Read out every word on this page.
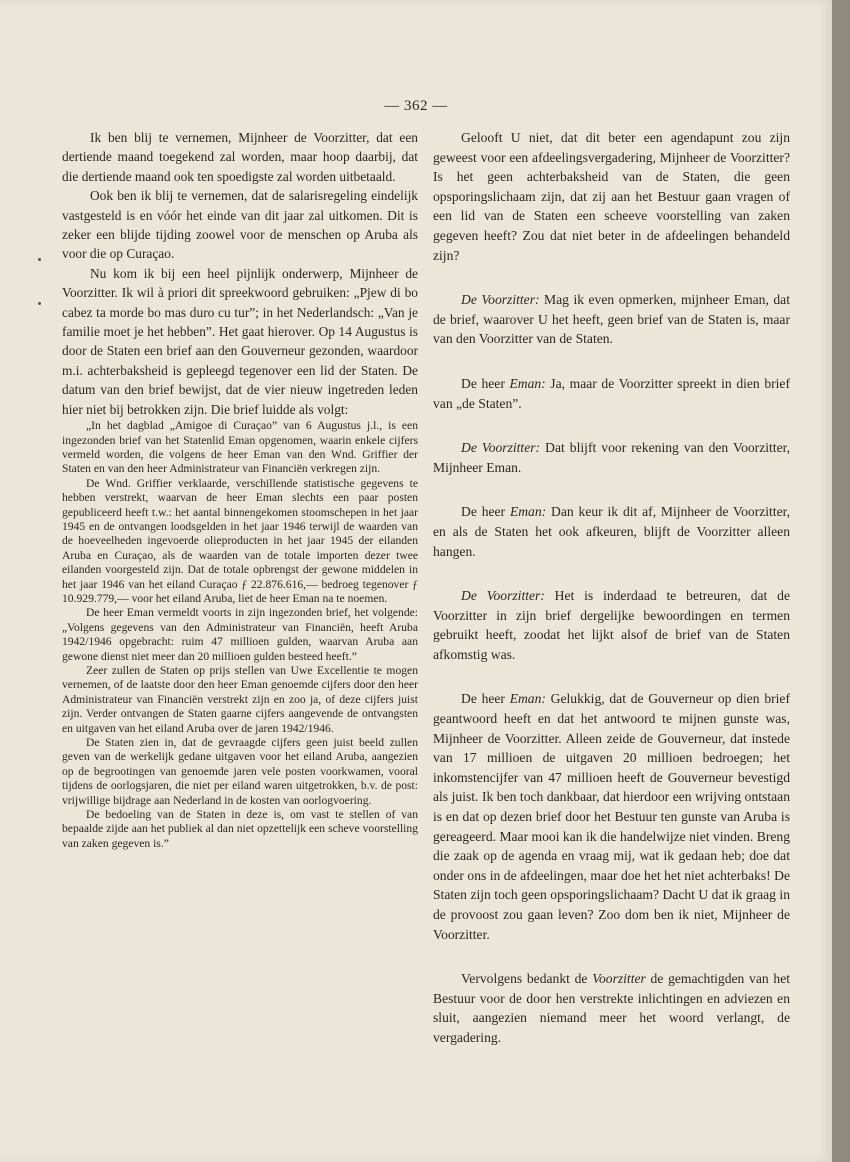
— 362 —

Ik ben blij te vernemen, Mijnheer de Voorzitter, dat een dertiende maand toegekend zal worden, maar hoop daarbij, dat die dertiende maand ook ten spoedigste zal worden uitbetaald.

Ook ben ik blij te vernemen, dat de salarisregeling eindelijk vastgesteld is en vóór het einde van dit jaar zal uitkomen. Dit is zeker een blijde tijding zoowel voor de menschen op Aruba als voor die op Curaçao.

Nu kom ik bij een heel pijnlijk onderwerp, Mijnheer de Voorzitter. Ik wil à priori dit spreekwoord gebruiken: „Pjew di bo cabez ta morde bo mas duro cu tur”; in het Nederlandsch: „Van je familie moet je het hebben”. Het gaat hierover. Op 14 Augustus is door de Staten een brief aan den Gouverneur gezonden, waardoor m.i. achterbaksheid is gepleegd tegenover een lid der Staten. De datum van den brief bewijst, dat de vier nieuw ingetreden leden hier niet bij betrokken zijn. Die brief luidde als volgt:

„In het dagblad „Amigoe di Curaçao” van 6 Augustus j.l., is een ingezonden brief van het Statenlid Eman opgenomen, waarin enkele cijfers vermeld worden, die volgens de heer Eman van den Wnd. Griffier der Staten en van den heer Administrateur van Financiën verkregen zijn.

De Wnd. Griffier verklaarde, verschillende statistische gegevens te hebben verstrekt, waarvan de heer Eman slechts een paar posten gepubliceerd heeft t.w.: het aantal binnengekomen stoomschepen in het jaar 1945 en de ontvangen loodsgelden in het jaar 1946 terwijl de waarden van de hoeveelheden ingevoerde olieproducten in het jaar 1945 der eilanden Aruba en Curaçao, als de waarden van de totale importen dezer twee eilanden voorgesteld zijn. Dat de totale opbrengst der gewone middelen in het jaar 1946 van het eiland Curaçao ƒ 22.876.616,— bedroeg tegenover ƒ 10.929.779,— voor het eiland Aruba, liet de heer Eman na te noemen.

De heer Eman vermeldt voorts in zijn ingezonden brief, het volgende: „Volgens gegevens van den Administrateur van Financiën, heeft Aruba 1942/1946 opgebracht: ruim 47 millioen gulden, waarvan Aruba aan gewone dienst niet meer dan 20 millioen gulden besteed heeft.”

Zeer zullen de Staten op prijs stellen van Uwe Excellentie te mogen vernemen, of de laatste door den heer Eman genoemde cijfers door den heer Administrateur van Financiën verstrekt zijn en zoo ja, of deze cijfers juist zijn. Verder ontvangen de Staten gaarne cijfers aangevende de ontvangsten en uitgaven van het eiland Aruba over de jaren 1942/1946.

De Staten zien in, dat de gevraagde cijfers geen juist beeld zullen geven van de werkelijk gedane uitgaven voor het eiland Aruba, aangezien op de begrootingen van genoemde jaren vele posten voorkwamen, vooral tijdens de oorlogsjaren, die niet per eiland waren uitgetrokken, b.v. de post: vrijwillige bijdrage aan Nederland in de kosten van oorlogvoering.

De bedoeling van de Staten in deze is, om vast te stellen of van bepaalde zijde aan het publiek al dan niet opzettelijk een scheve voorstelling van zaken gegeven is.”

Gelooft U niet, dat dit beter een agendapunt zou zijn geweest voor een afdeelingsvergadering, Mijnheer de Voorzitter? Is het geen achterbaksheid van de Staten, die geen opsporingslichaam zijn, dat zij aan het Bestuur gaan vragen of een lid van de Staten een scheeve voorstelling van zaken gegeven heeft? Zou dat niet beter in de afdeelingen behandeld zijn?

De Voorzitter: Mag ik even opmerken, mijnheer Eman, dat de brief, waarover U het heeft, geen brief van de Staten is, maar van den Voorzitter van de Staten.

De heer Eman: Ja, maar de Voorzitter spreekt in dien brief van „de Staten”.

De Voorzitter: Dat blijft voor rekening van den Voorzitter, Mijnheer Eman.

De heer Eman: Dan keur ik dit af, Mijnheer de Voorzitter, en als de Staten het ook afkeuren, blijft de Voorzitter alleen hangen.

De Voorzitter: Het is inderdaad te betreuren, dat de Voorzitter in zijn brief dergelijke bewoordingen en termen gebruikt heeft, zoodat het lijkt alsof de brief van de Staten afkomstig was.

De heer Eman: Gelukkig, dat de Gouverneur op dien brief geantwoord heeft en dat het antwoord te mijnen gunste was, Mijnheer de Voorzitter. Alleen zeide de Gouverneur, dat instede van 17 millioen de uitgaven 20 millioen bedroegen; het inkomstencijfer van 47 millioen heeft de Gouverneur bevestigd als juist. Ik ben toch dankbaar, dat hierdoor een wrijving ontstaan is en dat op dezen brief door het Bestuur ten gunste van Aruba is gereageerd. Maar mooi kan ik die handelwijze niet vinden. Breng die zaak op de agenda en vraag mij, wat ik gedaan heb; doe dat onder ons in de afdeelingen, maar doe het het niet achterbaks! De Staten zijn toch geen opsporingslichaam? Dacht U dat ik graag in de provoost zou gaan leven? Zoo dom ben ik niet, Mijnheer de Voorzitter.

Vervolgens bedankt de Voorzitter de gemachtigden van het Bestuur voor de door hen verstrekte inlichtingen en adviezen en sluit, aangezien niemand meer het woord verlangt, de vergadering.
